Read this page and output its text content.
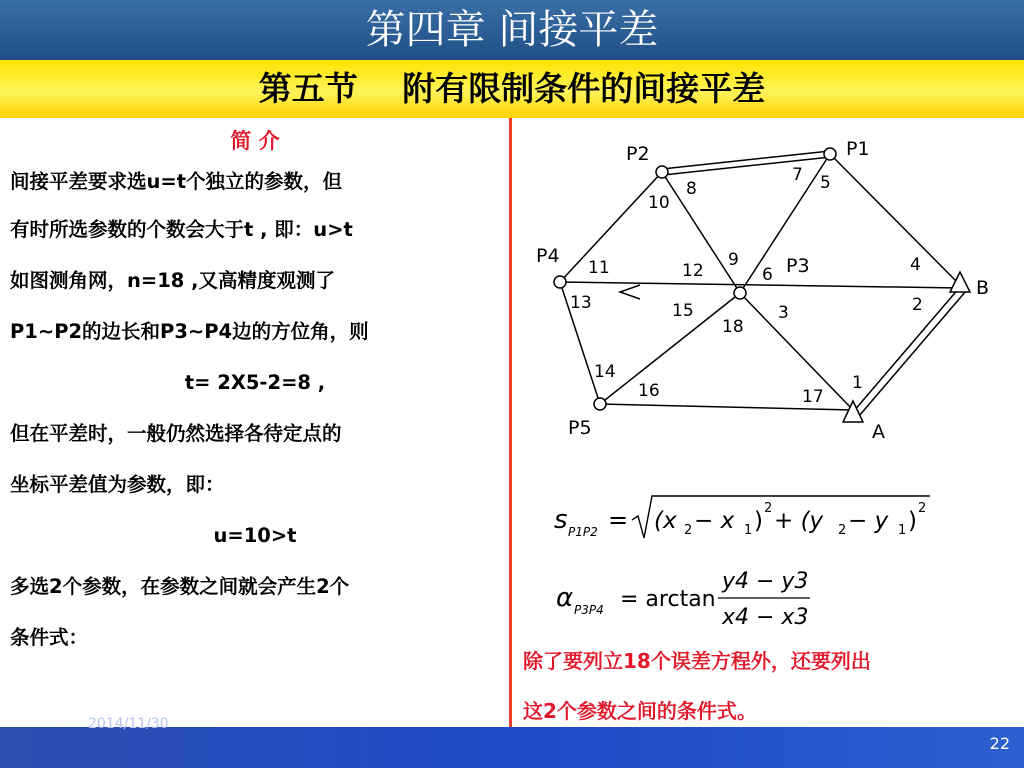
第四章 间接平差
第五节　 附有限制条件的间接平差
简 介
间接平差要求选u=t个独立的参数，但
有时所选参数的个数会大于t , 即：u>t
如图测角网，n=18 ,又高精度观测了
P1~P2的边长和P3~P4边的方位角，则
t= 2X5-2=8 ,
但在平差时，一般仍然选择各待定点的
坐标平差值为参数，即：
u=10>t
多选2个参数，在参数之间就会产生2个
条件式：
P2	P1
P3
P4
P5
B
A
1
2
3
4
5
6
7
8
9
10
11	12
13
14
15
16	17
18
s P1P2 = (x 2 − x 1 ) 2 + (y 2 − y 1 ) 2
α P3P4 = arctan
y4 − y3
x4 − x3
除了要列立18个误差方程外，还要列出
这2个参数之间的条件式。
2014/11/30
22
